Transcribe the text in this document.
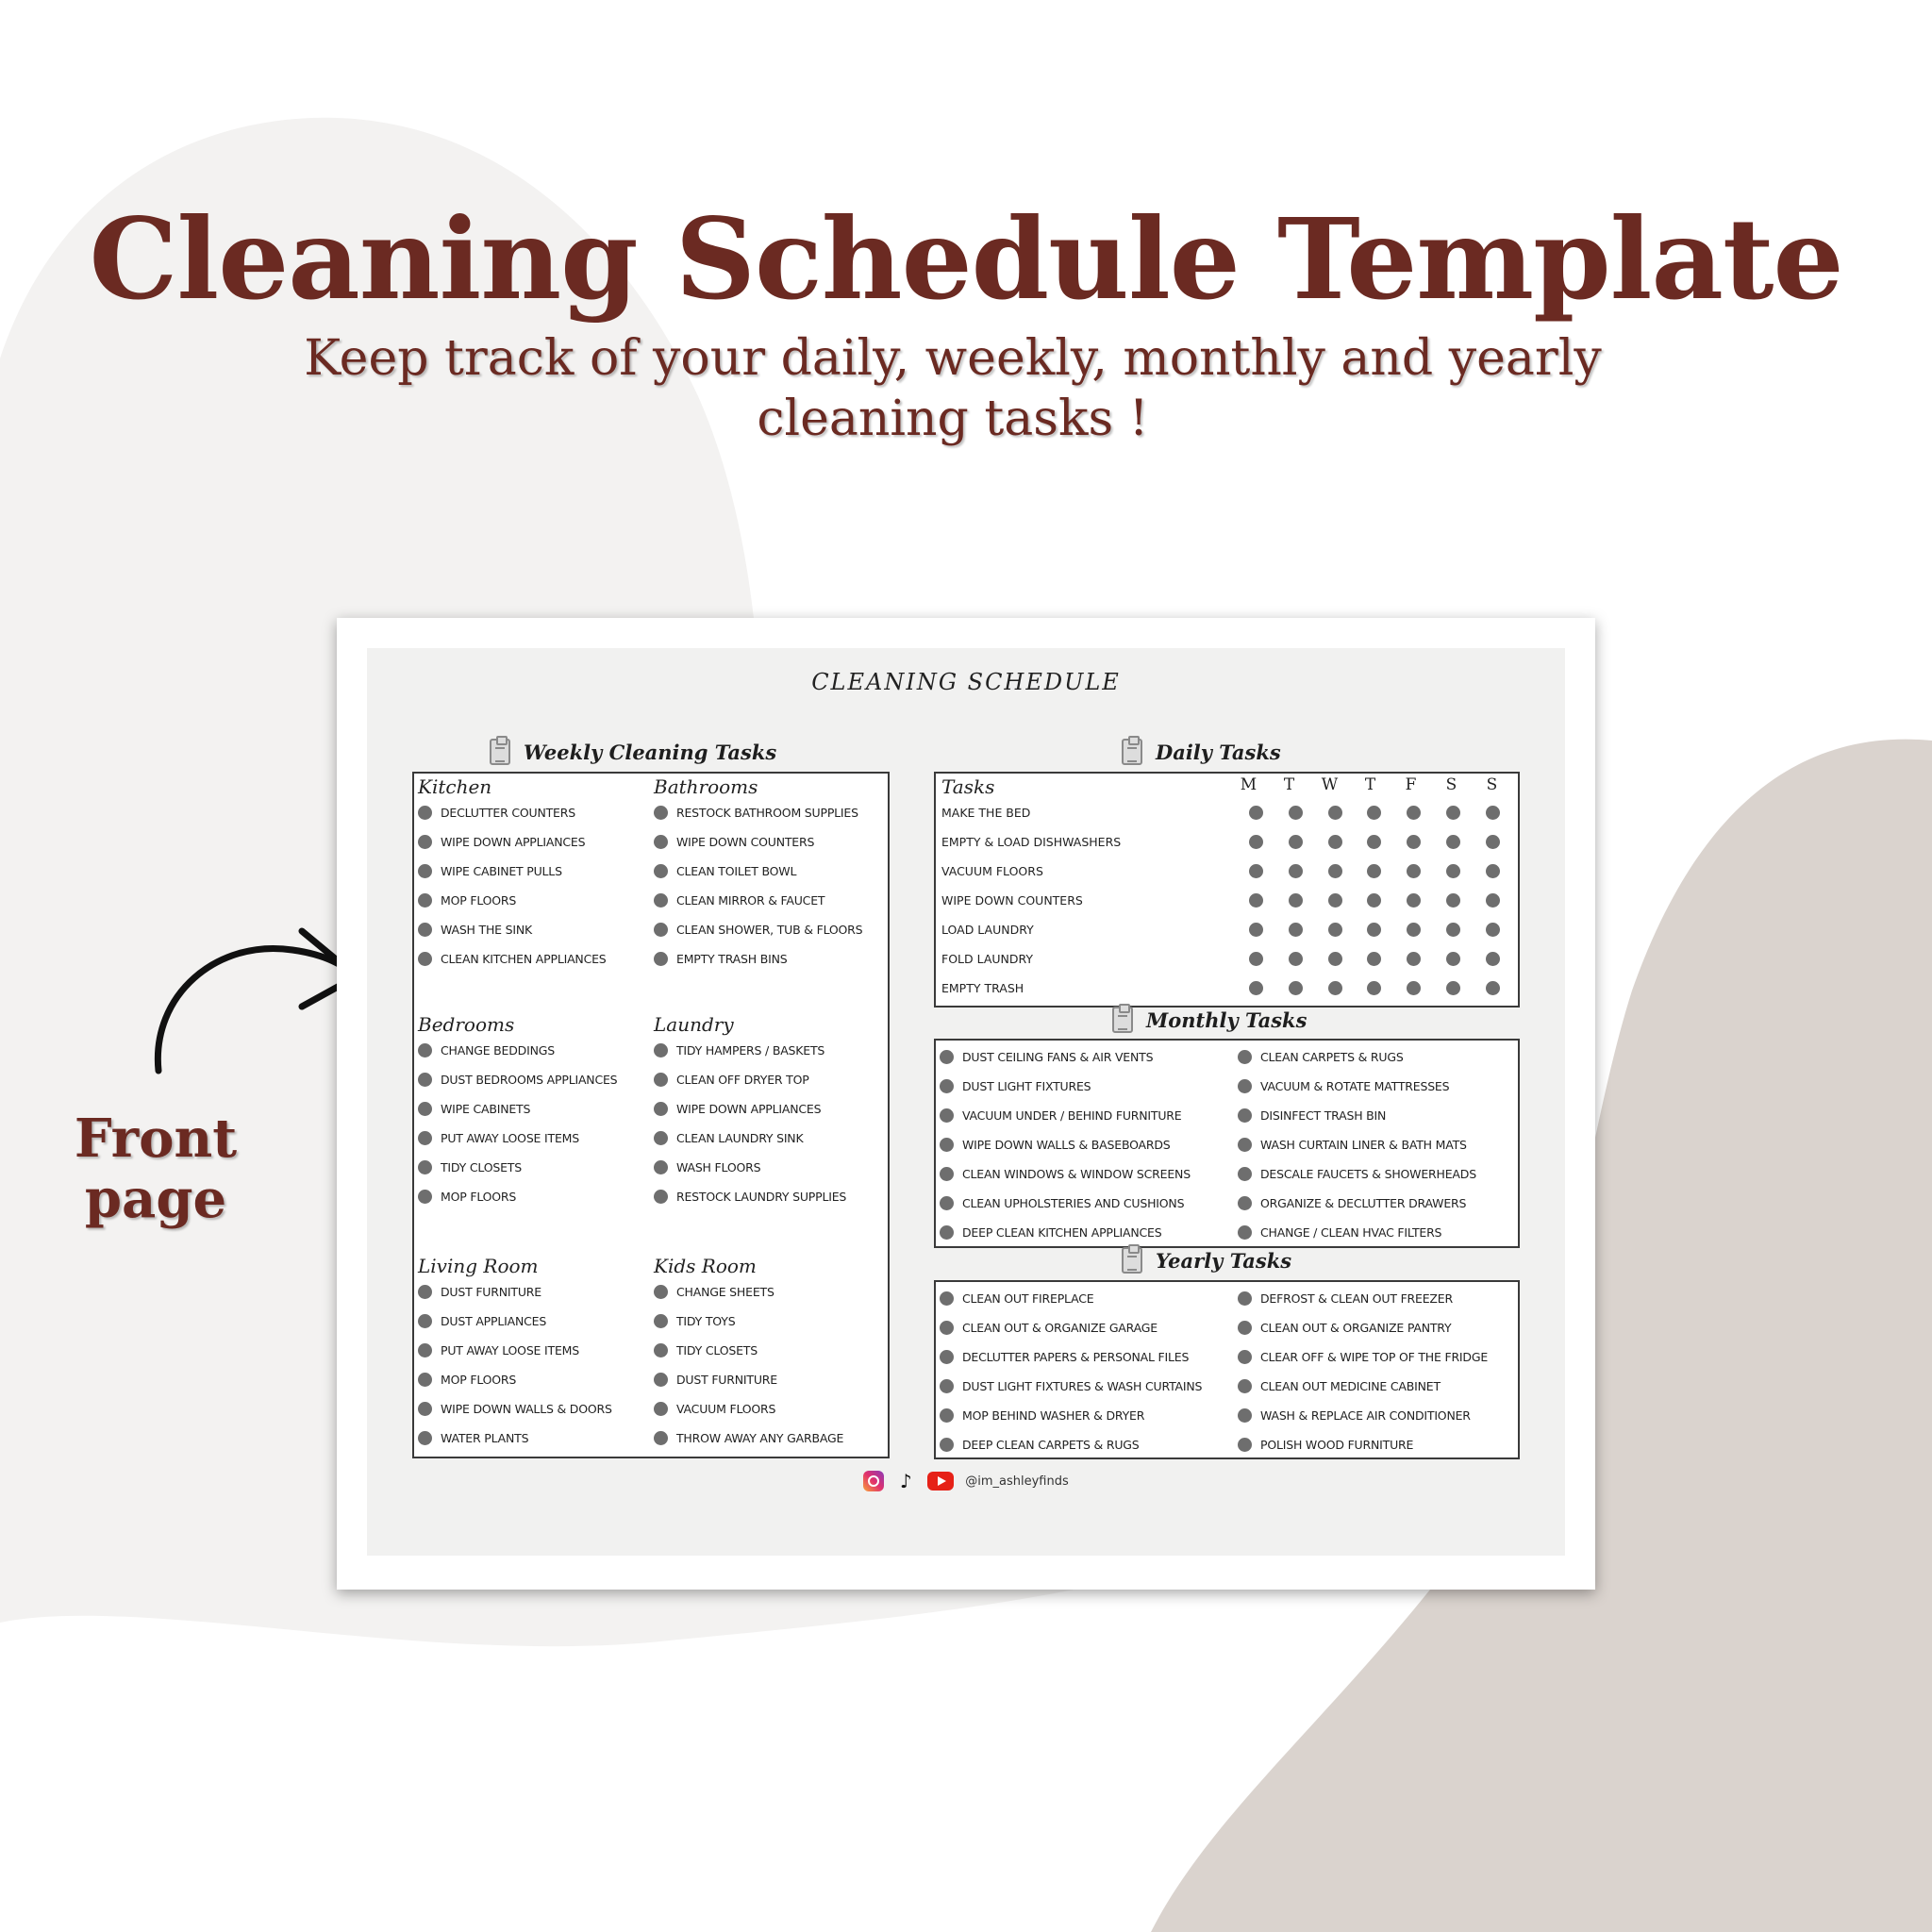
Cleaning Schedule Template
Keep track of your daily, weekly, monthly and yearly cleaning tasks !
Front page
CLEANING SCHEDULE
Weekly Cleaning Tasks
Kitchen
DECLUTTER COUNTERS
WIPE DOWN APPLIANCES
WIPE CABINET PULLS
MOP FLOORS
WASH THE SINK
CLEAN KITCHEN APPLIANCES
Bathrooms
RESTOCK BATHROOM SUPPLIES
WIPE DOWN COUNTERS
CLEAN TOILET BOWL
CLEAN MIRROR & FAUCET
CLEAN SHOWER, TUB & FLOORS
EMPTY TRASH BINS
Bedrooms
CHANGE BEDDINGS
DUST BEDROOMS APPLIANCES
WIPE CABINETS
PUT AWAY LOOSE ITEMS
TIDY CLOSETS
MOP FLOORS
Laundry
TIDY HAMPERS / BASKETS
CLEAN OFF DRYER TOP
WIPE DOWN APPLIANCES
CLEAN LAUNDRY SINK
WASH FLOORS
RESTOCK LAUNDRY SUPPLIES
Living Room
DUST FURNITURE
DUST APPLIANCES
PUT AWAY LOOSE ITEMS
MOP FLOORS
WIPE DOWN WALLS & DOORS
WATER PLANTS
Kids Room
CHANGE SHEETS
TIDY TOYS
TIDY CLOSETS
DUST FURNITURE
VACUUM FLOORS
THROW AWAY ANY GARBAGE
Daily Tasks
Tasks	M	T	W	T	F	S	S
MAKE THE BED
EMPTY & LOAD DISHWASHERS
VACUUM FLOORS
WIPE DOWN COUNTERS
LOAD LAUNDRY
FOLD LAUNDRY
EMPTY TRASH
Monthly Tasks
DUST CEILING FANS & AIR VENTS
DUST LIGHT FIXTURES
VACUUM UNDER / BEHIND FURNITURE
WIPE DOWN WALLS & BASEBOARDS
CLEAN WINDOWS & WINDOW SCREENS
CLEAN UPHOLSTERIES AND CUSHIONS
DEEP CLEAN KITCHEN APPLIANCES
CLEAN CARPETS & RUGS
VACUUM & ROTATE MATTRESSES
DISINFECT TRASH BIN
WASH CURTAIN LINER & BATH MATS
DESCALE FAUCETS & SHOWERHEADS
ORGANIZE & DECLUTTER DRAWERS
CHANGE / CLEAN HVAC FILTERS
Yearly Tasks
CLEAN OUT FIREPLACE
CLEAN OUT & ORGANIZE GARAGE
DECLUTTER PAPERS & PERSONAL FILES
DUST LIGHT FIXTURES & WASH CURTAINS
MOP BEHIND WASHER & DRYER
DEEP CLEAN CARPETS & RUGS
DEFROST & CLEAN OUT FREEZER
CLEAN OUT & ORGANIZE PANTRY
CLEAR OFF & WIPE TOP OF THE FRIDGE
CLEAN OUT MEDICINE CABINET
WASH & REPLACE AIR CONDITIONER
POLISH WOOD FURNITURE
♪	@im_ashleyfinds
